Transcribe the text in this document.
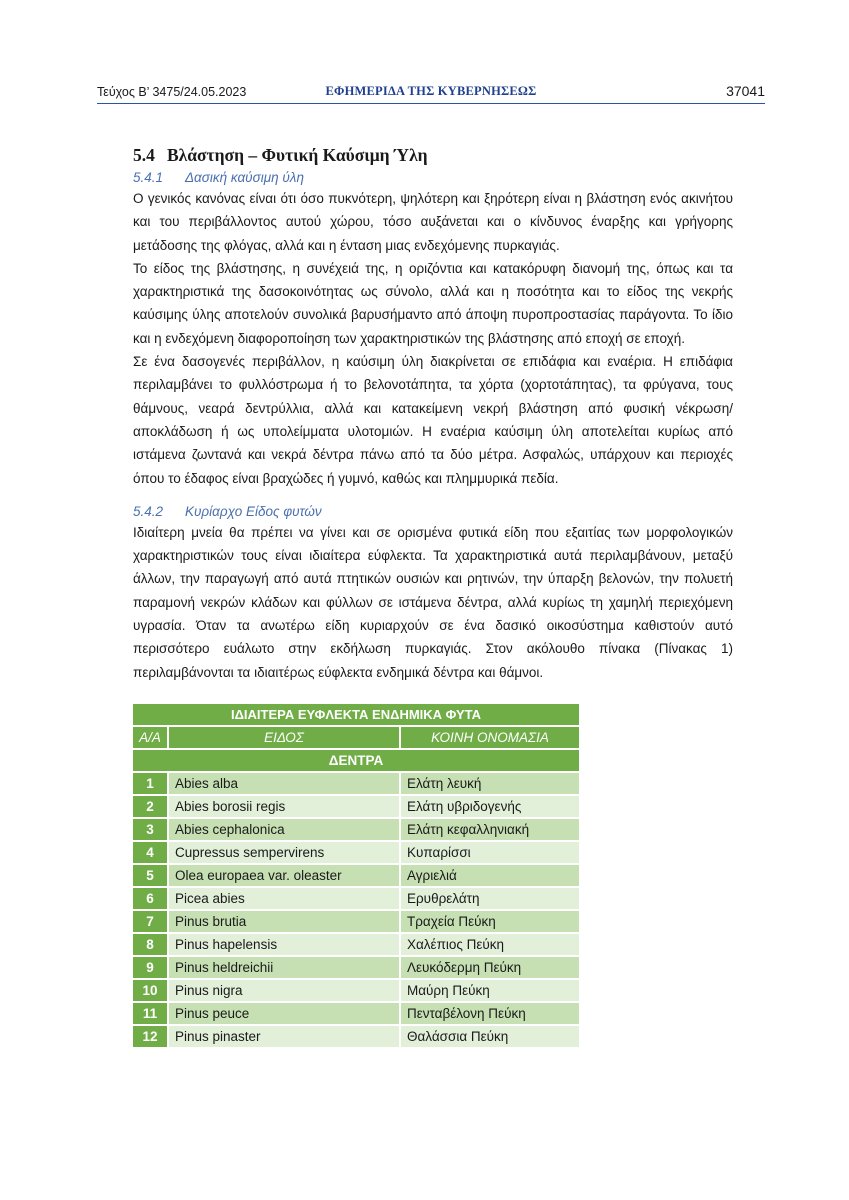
Τεύχος Β’ 3475/24.05.2023	ΕΦΗΜΕΡΙΔΑ ΤΗΣ ΚΥΒΕΡΝΗΣΕΩΣ	37041
5.4 Βλάστηση – Φυτική Καύσιμη Ύλη
5.4.1 Δασική καύσιμη ύλη

Ο γενικός κανόνας είναι ότι όσο πυκνότερη, ψηλότερη και ξηρότερη είναι η βλάστηση ενός ακινήτου και του περιβάλλοντος αυτού χώρου, τόσο αυξάνεται και ο κίνδυνος έναρξης και γρήγορης μετάδοσης της φλόγας, αλλά και η ένταση μιας ενδεχόμενης πυρκαγιάς.

Το είδος της βλάστησης, η συνέχειά της, η οριζόντια και κατακόρυφη διανομή της, όπως και τα χαρακτηριστικά της δασοκοινότητας ως σύνολο, αλλά και η ποσότητα και το είδος της νεκρής καύσιμης ύλης αποτελούν συνολικά βαρυσήμαντο από άποψη πυροπροστασίας παράγοντα. Το ίδιο και η ενδεχόμενη διαφοροποίηση των χαρακτηριστικών της βλάστησης από εποχή σε εποχή.

Σε ένα δασογενές περιβάλλον, η καύσιμη ύλη διακρίνεται σε επιδάφια και εναέρια. Η επιδάφια περιλαμβάνει το φυλλόστρωμα ή το βελονοτάπητα, τα χόρτα (χορτοτάπητας), τα φρύγανα, τους θάμνους, νεαρά δεντρύλλια, αλλά και κατακείμενη νεκρή βλάστηση από φυσική νέκρωση/αποκλάδωση ή ως υπολείμματα υλοτομιών. Η εναέρια καύσιμη ύλη αποτελείται κυρίως από ιστάμενα ζωντανά και νεκρά δέντρα πάνω από τα δύο μέτρα. Ασφαλώς, υπάρχουν και περιοχές όπου το έδαφος είναι βραχώδες ή γυμνό, καθώς και πλημμυρικά πεδία.

5.4.2 Κυρίαρχο Είδος φυτών

Ιδιαίτερη μνεία θα πρέπει να γίνει και σε ορισμένα φυτικά είδη που εξαιτίας των μορφολογικών χαρακτηριστικών τους είναι ιδιαίτερα εύφλεκτα. Τα χαρακτηριστικά αυτά περιλαμβάνουν, μεταξύ άλλων, την παραγωγή από αυτά πτητικών ουσιών και ρητινών, την ύπαρξη βελονών, την πολυετή παραμονή νεκρών κλάδων και φύλλων σε ιστάμενα δέντρα, αλλά κυρίως τη χαμηλή περιεχόμενη υγρασία. Όταν τα ανωτέρω είδη κυριαρχούν σε ένα δασικό οικοσύστημα καθιστούν αυτό περισσότερο ευάλωτο στην εκδήλωση πυρκαγιάς. Στον ακόλουθο πίνακα (Πίνακας 1) περιλαμβάνονται τα ιδιαιτέρως εύφλεκτα ενδημικά δέντρα και θάμνοι.

ΙΔΙΑΙΤΕΡΑ ΕΥΦΛΕΚΤΑ ΕΝΔΗΜΙΚΑ ΦΥΤΑ		
Α/Α	ΕΙΔΟΣ	ΚΟΙΝΗ ΟΝΟΜΑΣΙΑ
ΔΕΝΤΡΑ		
1	Abies alba	Ελάτη λευκή
2	Abies borosii regis	Ελάτη υβριδογενής
3	Abies cephalonica	Ελάτη κεφαλληνιακή
4	Cupressus sempervirens	Κυπαρίσσι
5	Olea europaea var. oleaster	Αγριελιά
6	Picea abies	Ερυθρελάτη
7	Pinus brutia	Τραχεία Πεύκη
8	Pinus hapelensis	Χαλέπιος Πεύκη
9	Pinus heldreichii	Λευκόδερμη Πεύκη
10	Pinus nigra	Μαύρη Πεύκη
11	Pinus peuce	Πενταβέλονη Πεύκη
12	Pinus pinaster	Θαλάσσια Πεύκη
